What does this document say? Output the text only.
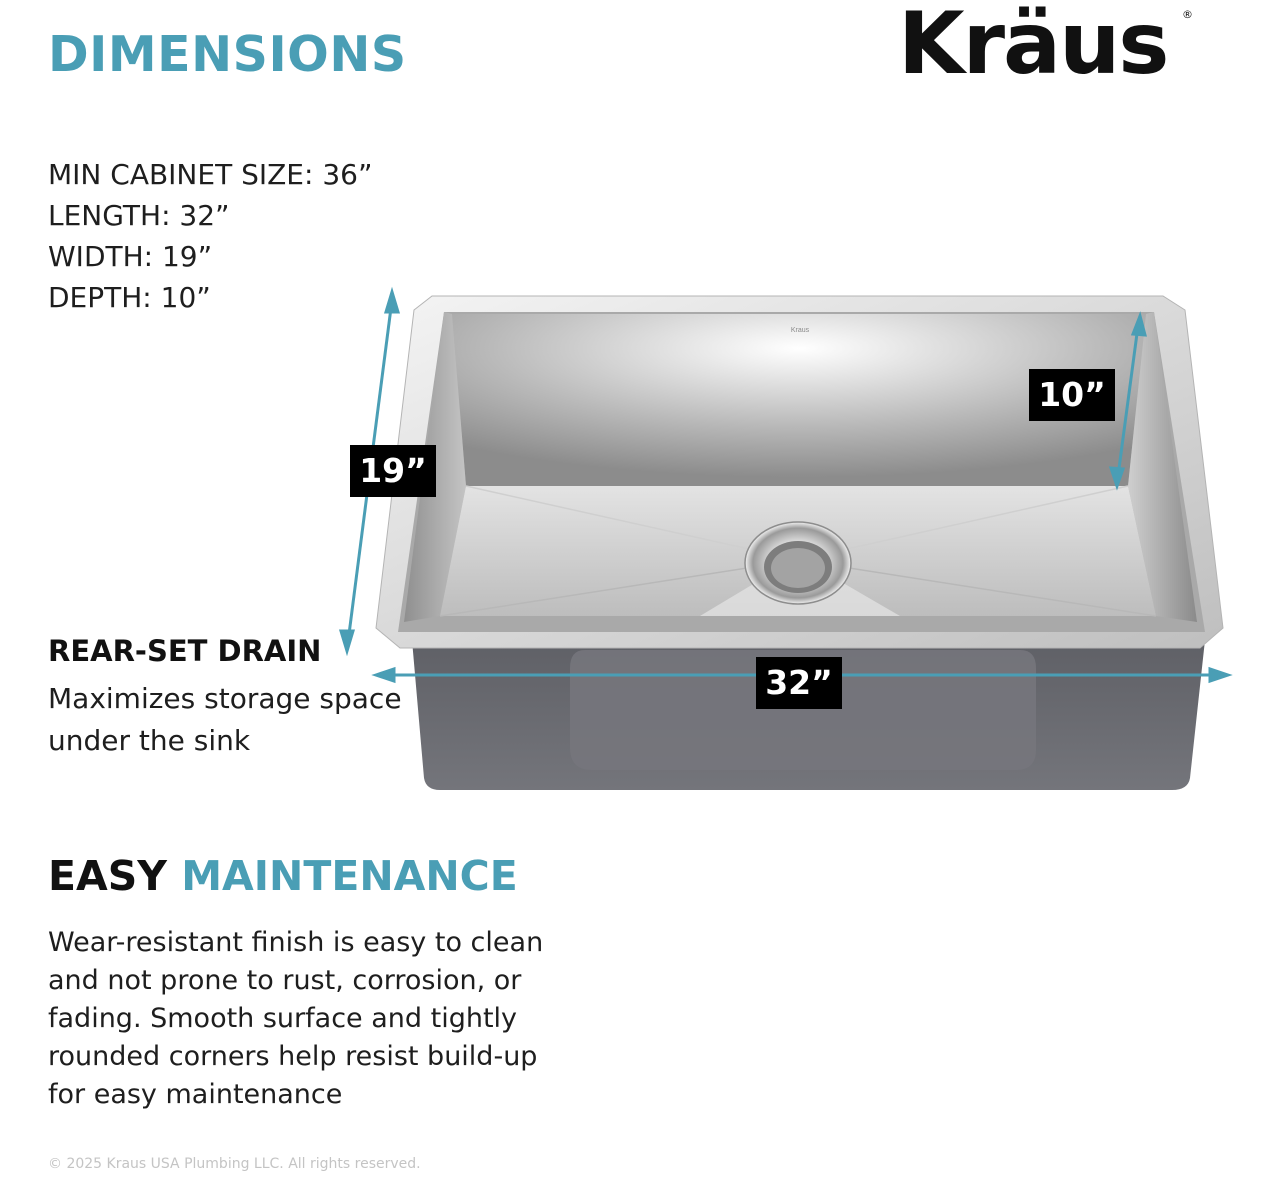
DIMENSIONS	Kräus ®
MIN CABINET SIZE: 36”
LENGTH: 32”
WIDTH: 19”
DEPTH: 10”
Kraus
19”
10”
32”
REAR-SET DRAIN

Maximizes storage space under the sink

EASY MAINTENANCE

Wear-resistant finish is easy to clean and not prone to rust, corrosion, or fading. Smooth surface and tightly rounded corners help resist build-up for easy maintenance

© 2025 Kraus USA Plumbing LLC. All rights reserved.
